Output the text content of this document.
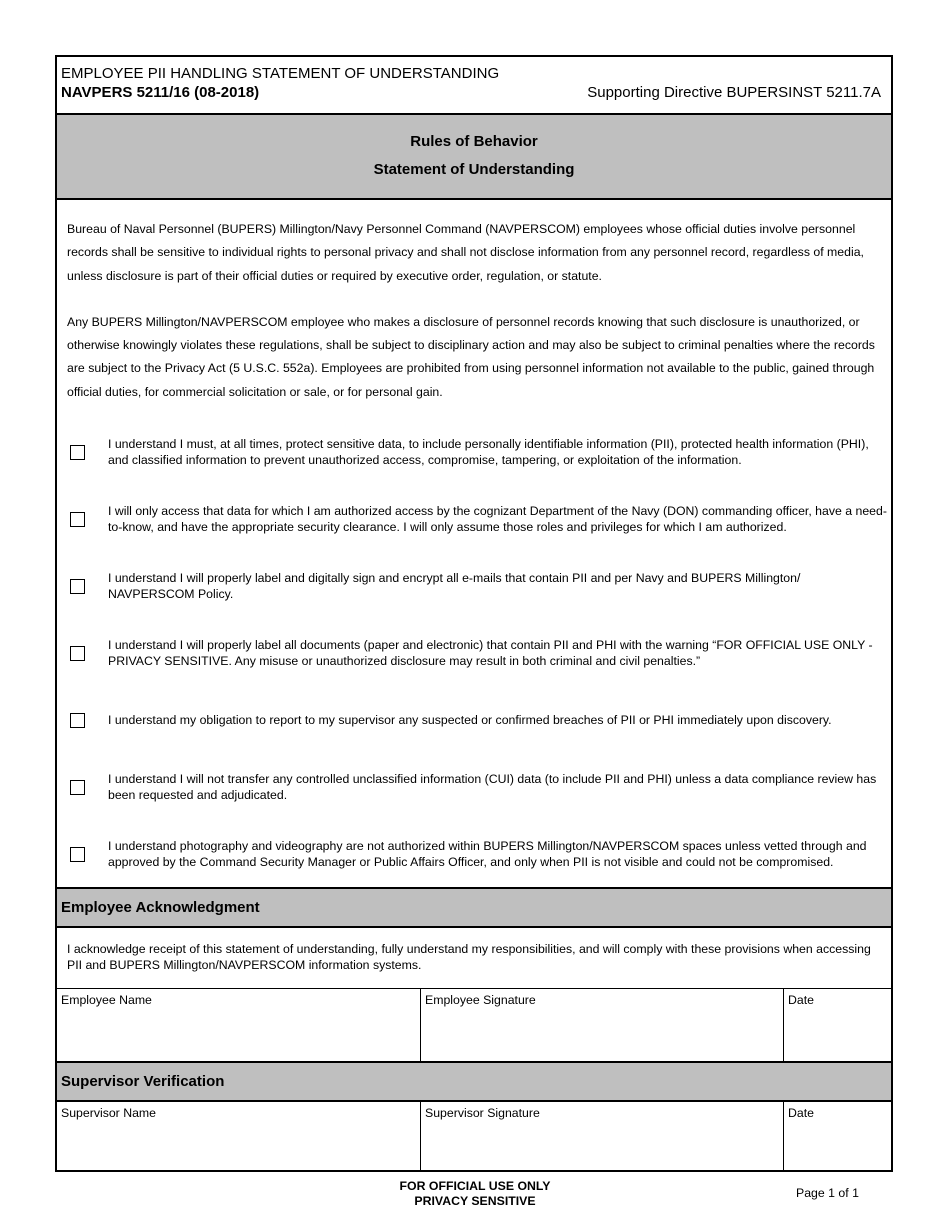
EMPLOYEE PII HANDLING STATEMENT OF UNDERSTANDING
NAVPERS 5211/16 (08-2018)	Supporting Directive BUPERSINST 5211.7A
Rules of Behavior
Statement of Understanding

Bureau of Naval Personnel (BUPERS) Millington/Navy Personnel Command (NAVPERSCOM) employees whose official duties involve personnel records shall be sensitive to individual rights to personal privacy and shall not disclose information from any personnel record, regardless of media, unless disclosure is part of their official duties or required by executive order, regulation, or statute.

Any BUPERS Millington/NAVPERSCOM employee who makes a disclosure of personnel records knowing that such disclosure is unauthorized, or otherwise knowingly violates these regulations, shall be subject to disciplinary action and may also be subject to criminal penalties where the records are subject to the Privacy Act (5 U.S.C. 552a). Employees are prohibited from using personnel information not available to the public, gained through official duties, for commercial solicitation or sale, or for personal gain.

I understand I must, at all times, protect sensitive data, to include personally identifiable information (PII), protected health information (PHI), and classified information to prevent unauthorized access, compromise, tampering, or exploitation of the information.
I will only access that data for which I am authorized access by the cognizant Department of the Navy (DON) commanding officer, have a need-to-know, and have the appropriate security clearance. I will only assume those roles and privileges for which I am authorized.
I understand I will properly label and digitally sign and encrypt all e-mails that contain PII and per Navy and BUPERS Millington/ NAVPERSCOM Policy.
I understand I will properly label all documents (paper and electronic) that contain PII and PHI with the warning “FOR OFFICIAL USE ONLY - PRIVACY SENSITIVE. Any misuse or unauthorized disclosure may result in both criminal and civil penalties.”
I understand my obligation to report to my supervisor any suspected or confirmed breaches of PII or PHI immediately upon discovery.
I understand I will not transfer any controlled unclassified information (CUI) data (to include PII and PHI) unless a data compliance review has been requested and adjudicated.
I understand photography and videography are not authorized within BUPERS Millington/NAVPERSCOM spaces unless vetted through and approved by the Command Security Manager or Public Affairs Officer, and only when PII is not visible and could not be compromised.
Employee Acknowledgment
I acknowledge receipt of this statement of understanding, fully understand my responsibilities, and will comply with these provisions when accessing PII and BUPERS Millington/NAVPERSCOM information systems.
Employee Name	Employee Signature	Date
Supervisor Verification
Supervisor Name	Supervisor Signature	Date
FOR OFFICIAL USE ONLY
PRIVACY SENSITIVE
Page 1 of 1
